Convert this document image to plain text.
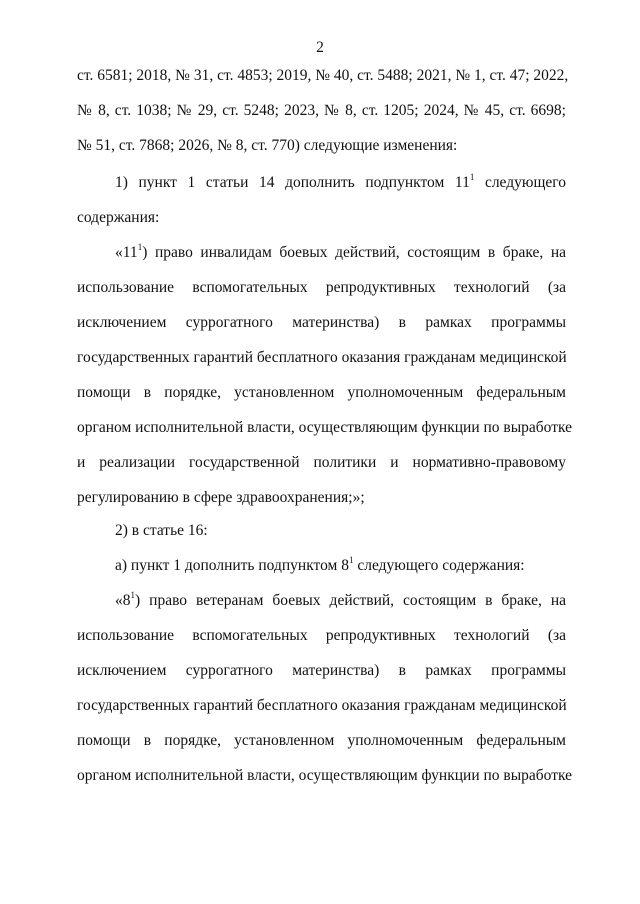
2
ст. 6581; 2018, № 31, ст. 4853; 2019, № 40, ст. 5488; 2021, № 1, ст. 47; 2022,
№ 8, ст. 1038; № 29, ст. 5248; 2023, № 8, ст. 1205; 2024, № 45, ст. 6698;
№ 51, ст. 7868; 2026, № 8, ст. 770) следующие изменения:
1) пункт 1 статьи 14 дополнить подпунктом $11^1$ следующего
содержания:
«$11^1$) право инвалидам боевых действий, состоящим в браке, на
использование вспомогательных репродуктивных технологий (за
исключением суррогатного материнства) в рамках программы
государственных гарантий бесплатного оказания гражданам медицинской
помощи в порядке, установленном уполномоченным федеральным
органом исполнительной власти, осуществляющим функции по выработке
и реализации государственной политики и нормативно-правовому
регулированию в сфере здравоохранения;»;
2) в статье 16:
а) пункт 1 дополнить подпунктом $8^1$ следующего содержания:
«$8^1$) право ветеранам боевых действий, состоящим в браке, на
использование вспомогательных репродуктивных технологий (за
исключением суррогатного материнства) в рамках программы
государственных гарантий бесплатного оказания гражданам медицинской
помощи в порядке, установленном уполномоченным федеральным
органом исполнительной власти, осуществляющим функции по выработке
